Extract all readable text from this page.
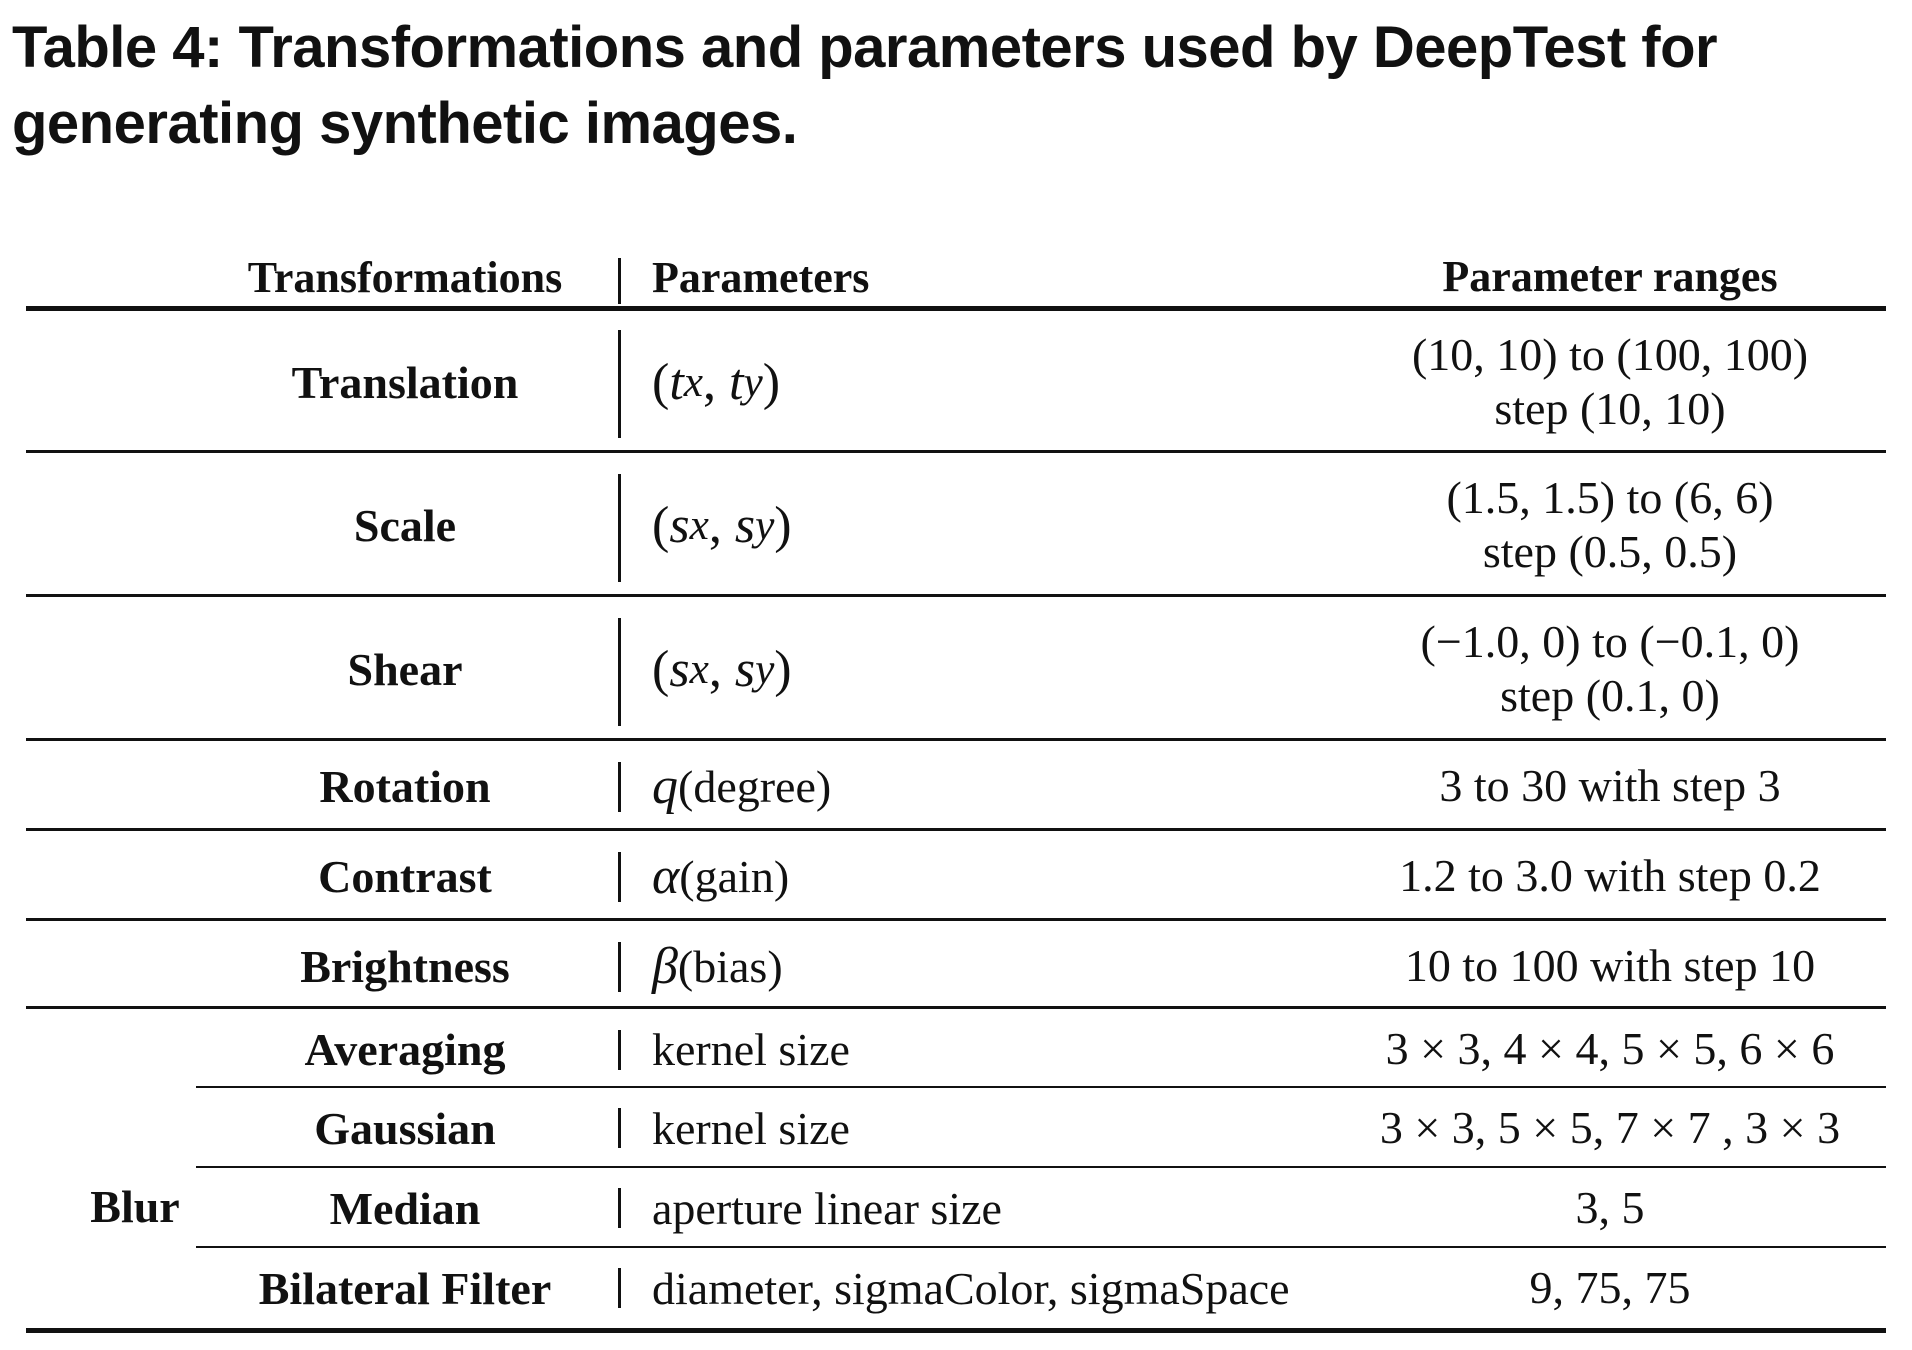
Table 4: Transformations and parameters used by DeepTest for generating synthetic images.
Transformations	Parameters	Parameter ranges
Translation	( t x , t y )	(10, 10) to (100, 100)
step (10, 10)
Scale	( s x , s y )	(1.5, 1.5) to (6, 6)
step (0.5, 0.5)
Shear	( s x , s y )	(−1.0, 0) to (−0.1, 0)
step (0.1, 0)
Rotation	q (degree)	3 to 30 with step 3
Contrast	α (gain)	1.2 to 3.0 with step 0.2
Brightness	β (bias)	10 to 100 with step 10
Blur
Averaging	kernel size	3 × 3, 4 × 4, 5 × 5, 6 × 6
Gaussian	kernel size	3 × 3, 5 × 5, 7 × 7 , 3 × 3
Median	aperture linear size	3, 5
Bilateral Filter	diameter, sigmaColor, sigmaSpace	9, 75, 75
